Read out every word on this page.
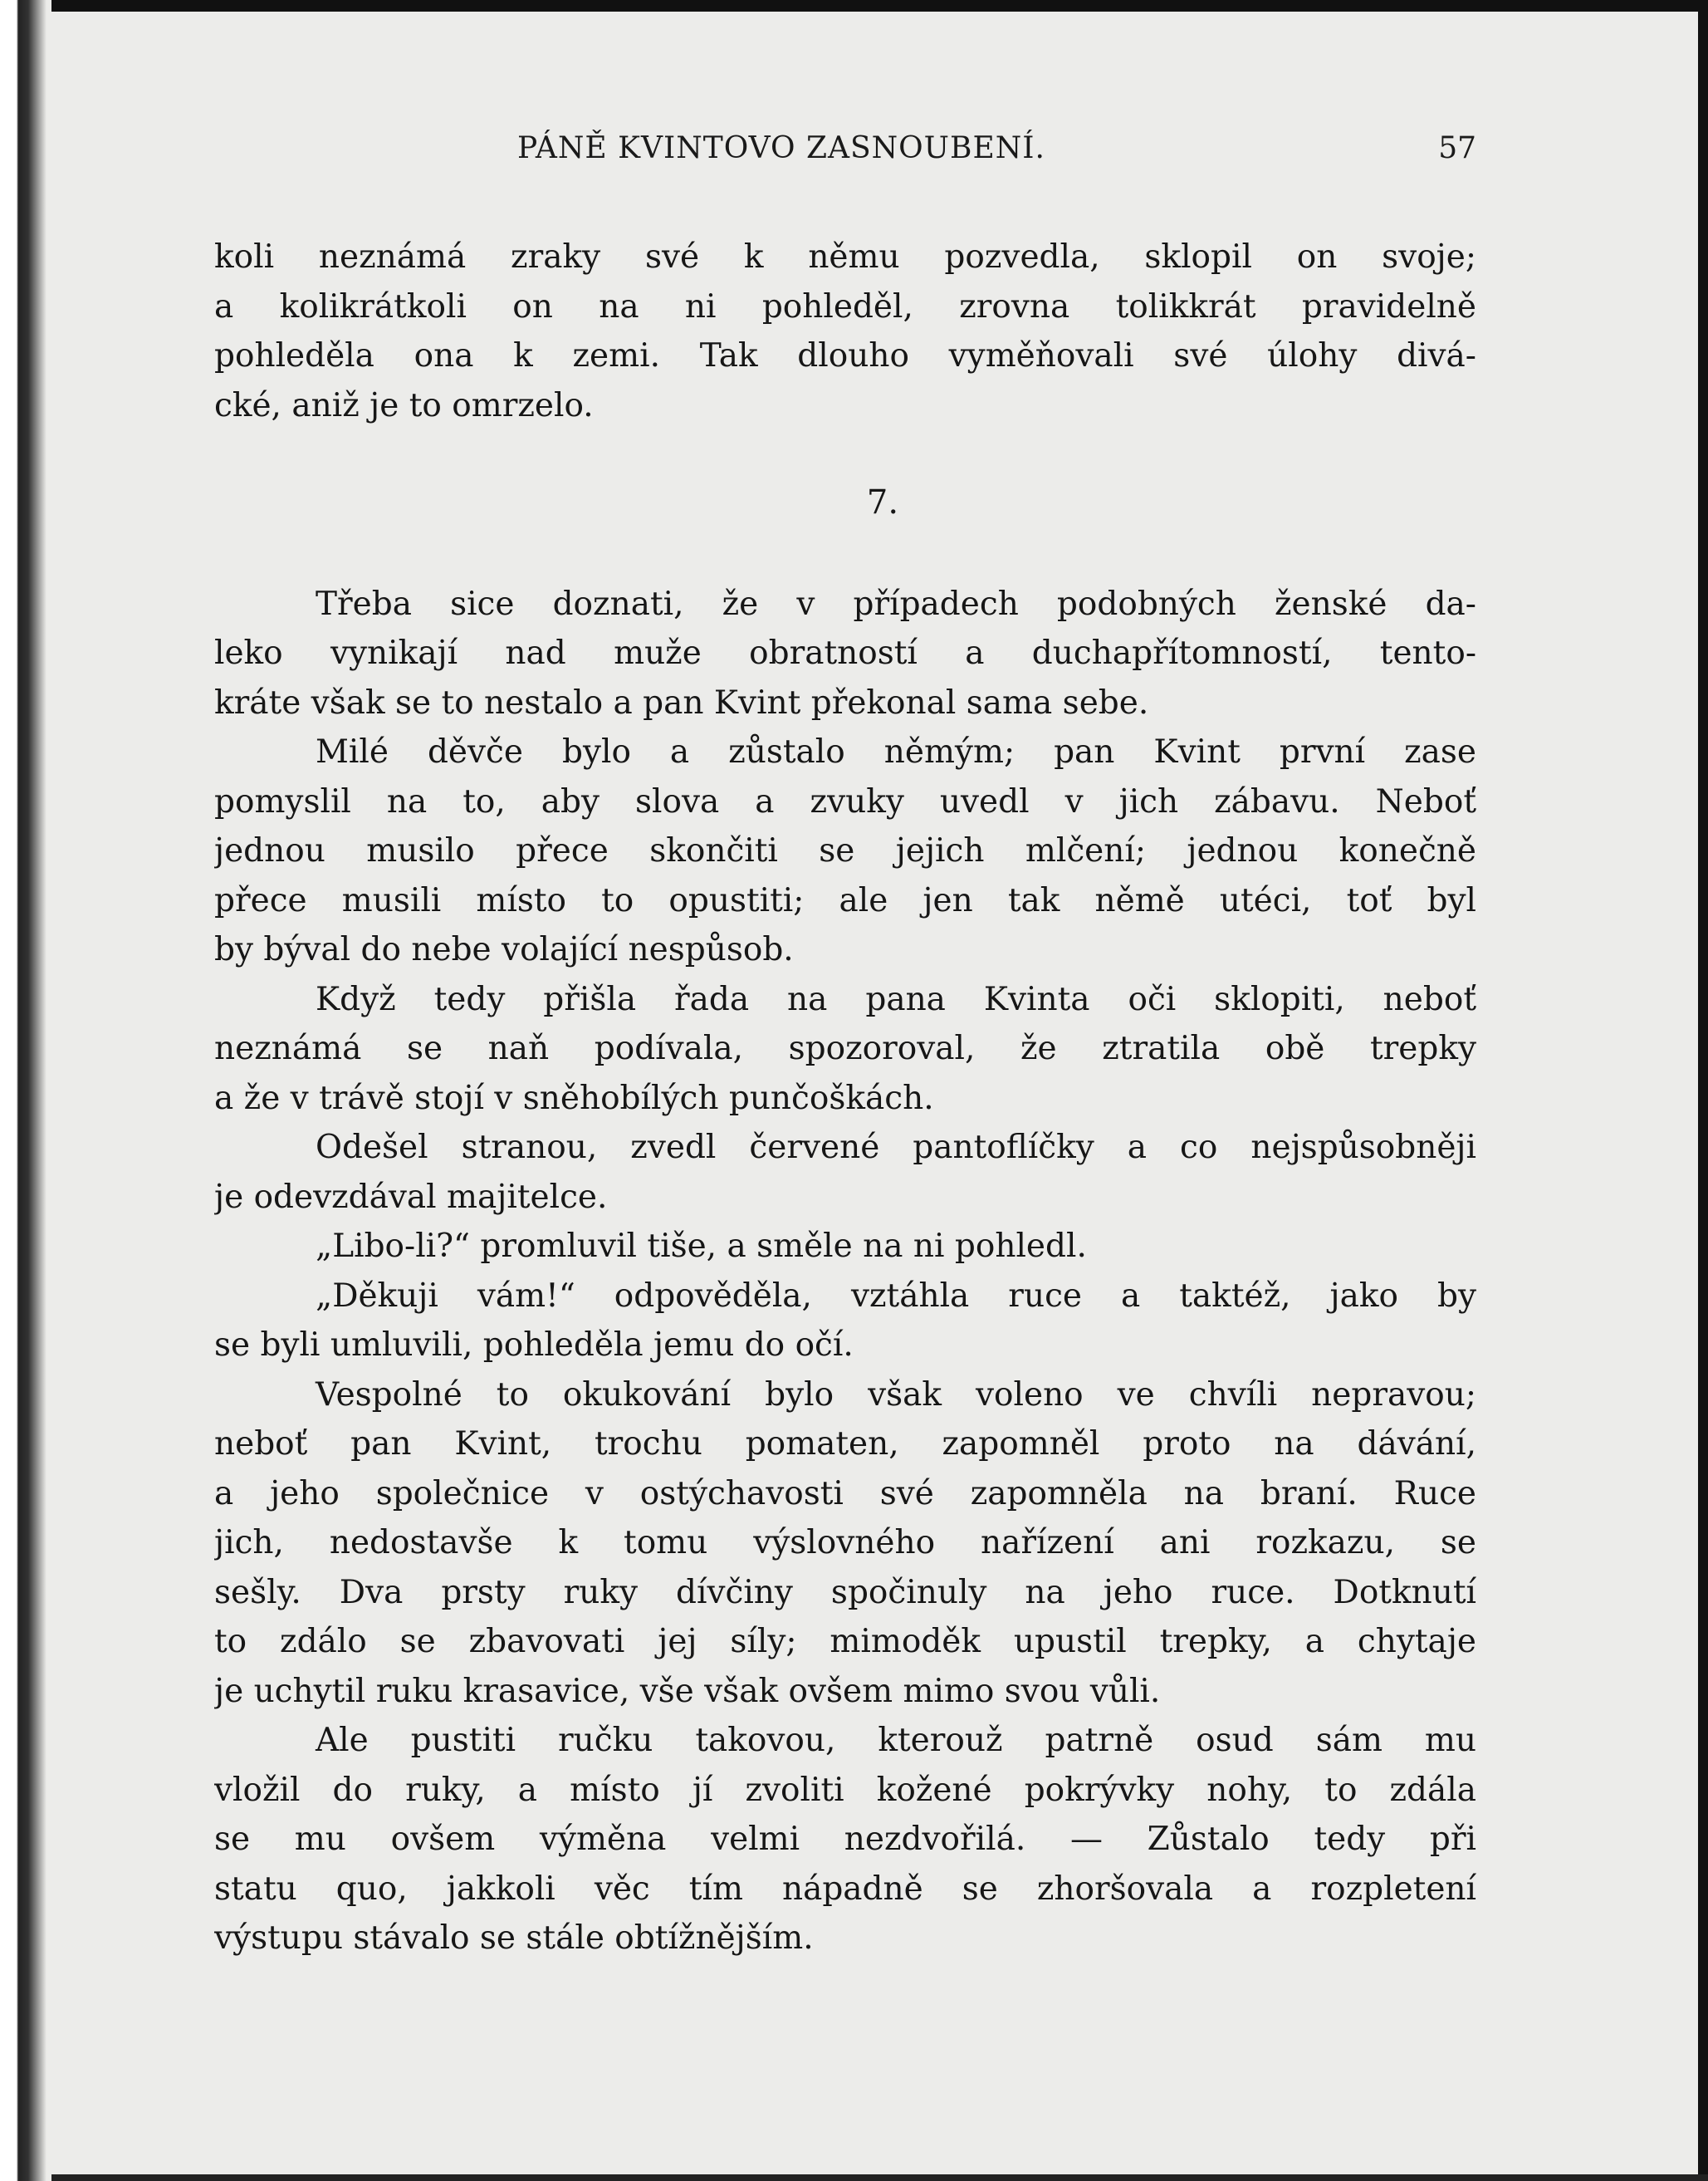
PÁNĚ KVINTOVO ZASNOUBENÍ.	57
koli neznámá zraky své k němu pozvedla, sklopil on svoje;
a kolikrátkoli on na ni pohleděl, zrovna tolikkrát pravidelně
pohleděla ona k zemi. Tak dlouho vyměňovali své úlohy divá-
cké, aniž je to omrzelo.
7.
Třeba sice doznati, že v případech podobných ženské da-
leko vynikají nad muže obratností a duchapřítomností, tento-
kráte však se to nestalo a pan Kvint překonal sama sebe.
Milé děvče bylo a zůstalo němým; pan Kvint první zase
pomyslil na to, aby slova a zvuky uvedl v jich zábavu. Neboť
jednou musilo přece skončiti se jejich mlčení; jednou konečně
přece musili místo to opustiti; ale jen tak němě utéci, toť byl
by býval do nebe volající nespůsob.
Když tedy přišla řada na pana Kvinta oči sklopiti, neboť
neznámá se naň podívala, spozoroval, že ztratila obě trepky
a že v trávě stojí v sněhobílých punčoškách.
Odešel stranou, zvedl červené pantoflíčky a co nejspůsobněji
je odevzdával majitelce.
„Libo-li?“ promluvil tiše, a směle na ni pohledl.
„Děkuji vám!“ odpověděla, vztáhla ruce a taktéž, jako by
se byli umluvili, pohleděla jemu do očí.
Vespolné to okukování bylo však voleno ve chvíli nepravou;
neboť pan Kvint, trochu pomaten, zapomněl proto na dávání,
a jeho společnice v ostýchavosti své zapomněla na braní. Ruce
jich, nedostavše k tomu výslovného nařízení ani rozkazu, se
sešly. Dva prsty ruky dívčiny spočinuly na jeho ruce. Dotknutí
to zdálo se zbavovati jej síly; mimoděk upustil trepky, a chytaje
je uchytil ruku krasavice, vše však ovšem mimo svou vůli.
Ale pustiti ručku takovou, kterouž patrně osud sám mu
vložil do ruky, a místo jí zvoliti kožené pokrývky nohy, to zdála
se mu ovšem výměna velmi nezdvořilá. — Zůstalo tedy při
statu quo, jakkoli věc tím nápadně se zhoršovala a rozpletení
výstupu stávalo se stále obtížnějším.
